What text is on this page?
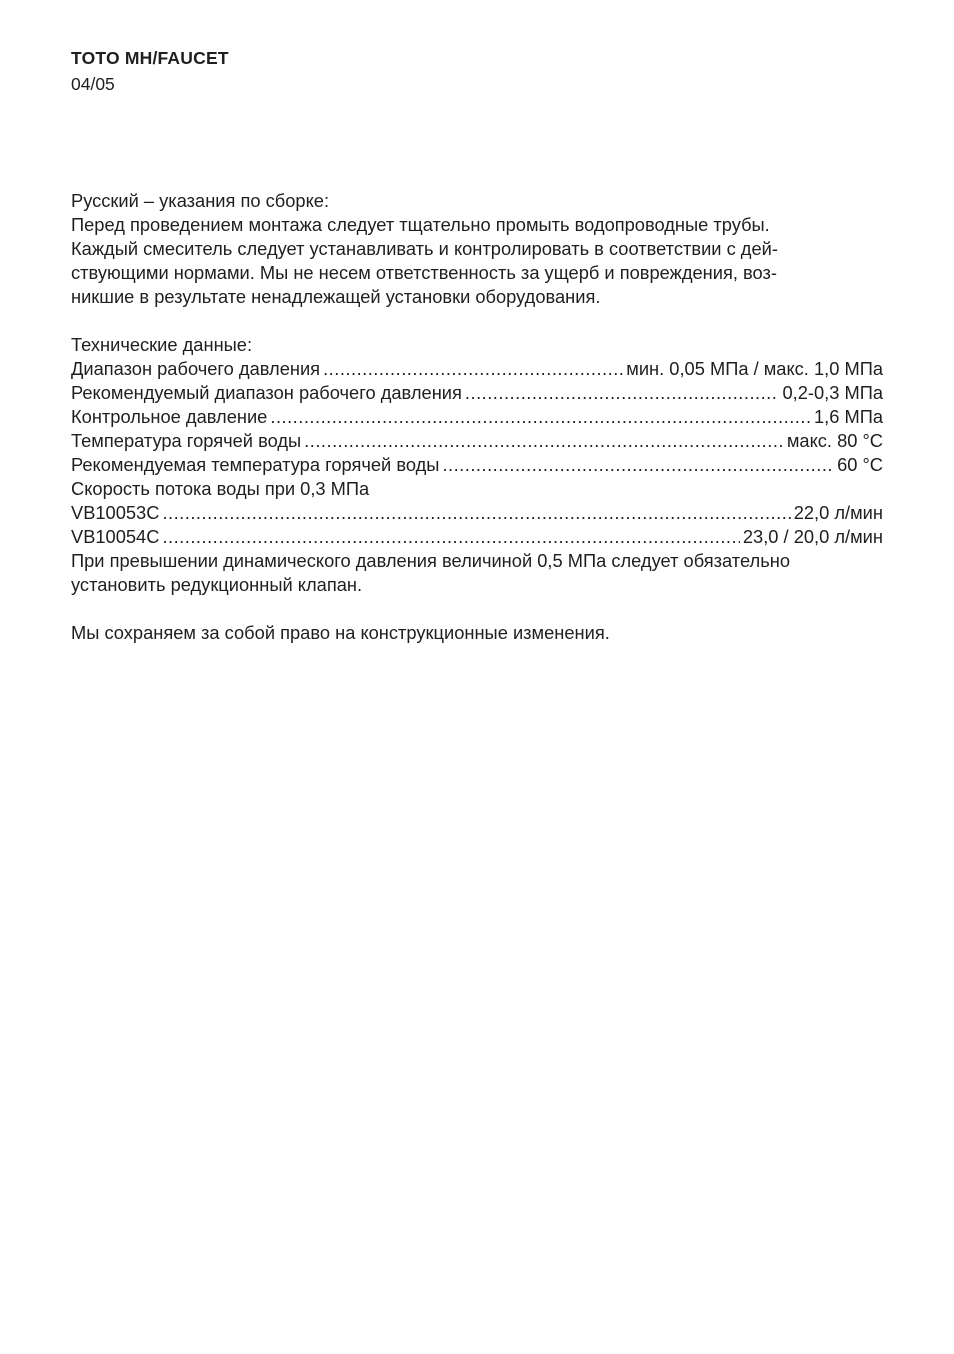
TOTO MH/FAUCET
04/05
Русский – указания по сборке:
Перед проведением монтажа следует тщательно промыть водопроводные трубы.
Каждый смеситель следует устанавливать и контролировать в соответствии с дей-
ствующими нормами. Мы не несем ответственность за ущерб и повреждения, воз-
никшие в результате ненадлежащей установки оборудования.
Технические данные:
Диапазон рабочего давления .....	мин. 0,05 МПа / макс. 1,0 МПа
Рекомендуемый диапазон рабочего давления .....	0,2-0,3 МПа
Контрольное давление .....	1,6 МПа
Температура горячей воды .....	макс. 80 °C
Рекомендуемая температура горячей воды .....	60 °C
Скорость потока воды при 0,3 МПа
VB10053C .....	22,0 л/мин
VB10054C .....	23,0 / 20,0 л/мин
При превышении динамического давления величиной 0,5 МПа следует обязательно
установить редукционный клапан.
Мы сохраняем за собой право на конструкционные изменения.
